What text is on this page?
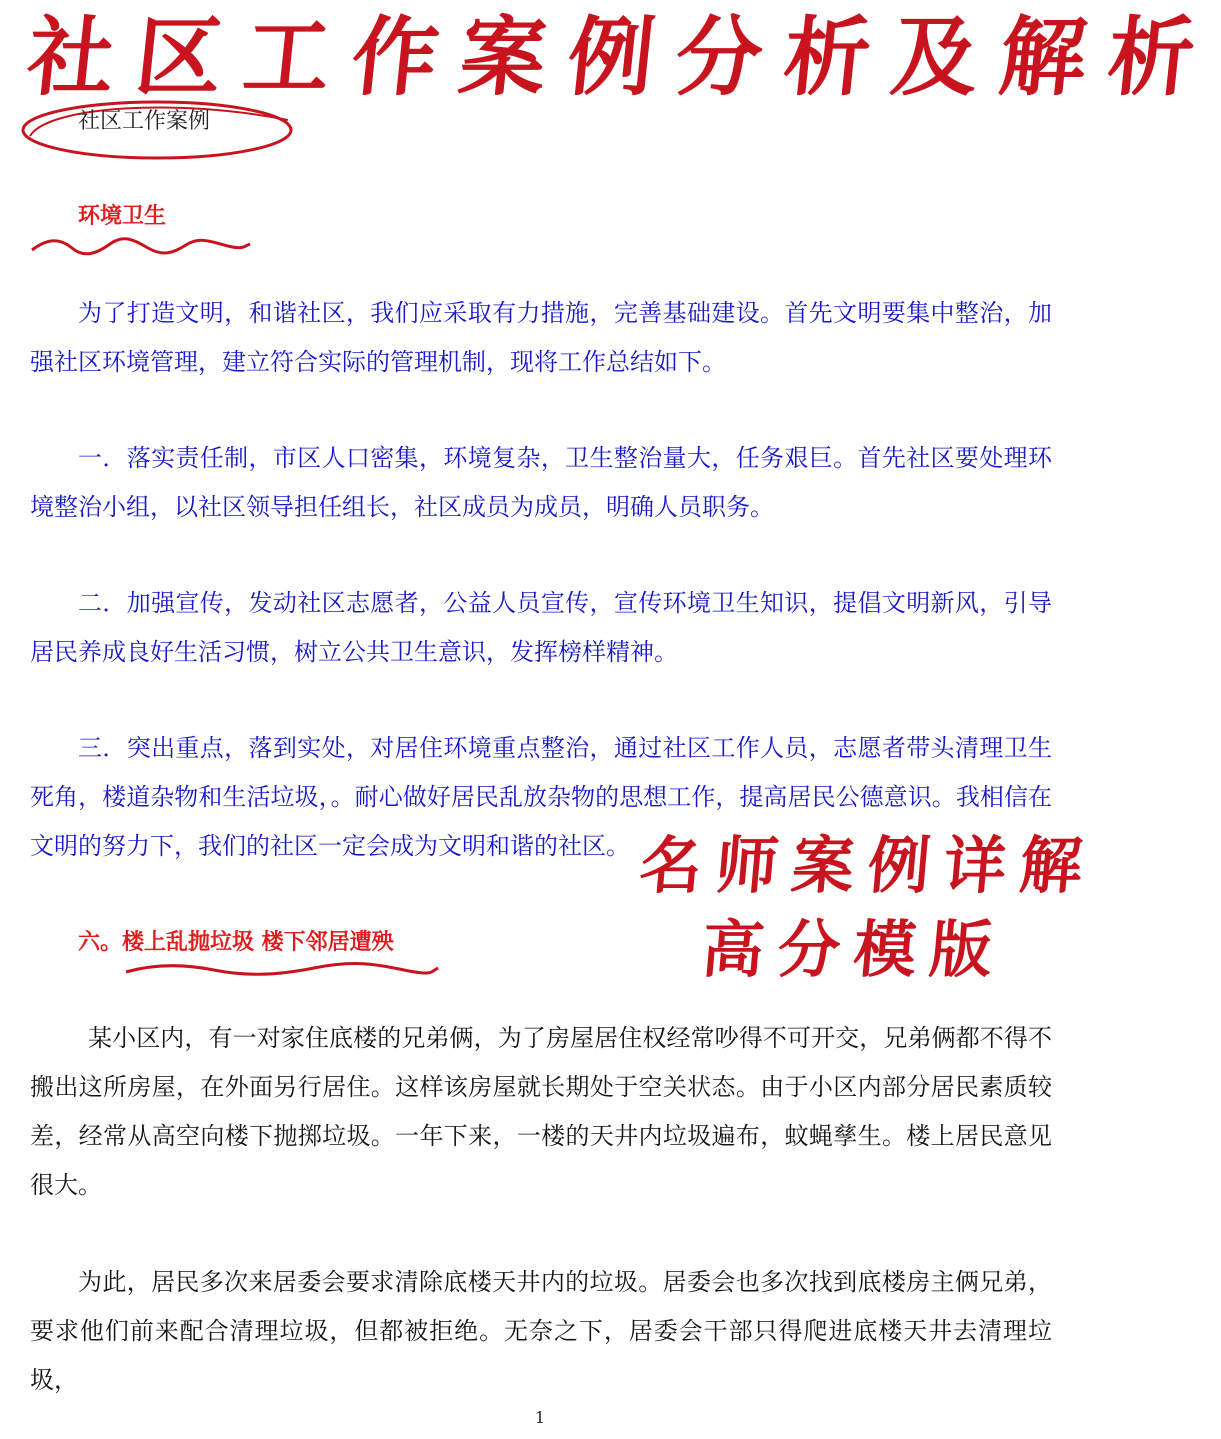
社区工作案例分析及解析
社区工作案例
环境卫生

为了打造文明，和谐社区，我们应采取有力措施，完善基础建设。首先文明要集中整治，加强社区环境管理，建立符合实际的管理机制，现将工作总结如下。

一．落实责任制，市区人口密集，环境复杂，卫生整治量大，任务艰巨。首先社区要处理环境整治小组，以社区领导担任组长，社区成员为成员，明确人员职务。

二．加强宣传，发动社区志愿者，公益人员宣传，宣传环境卫生知识，提倡文明新风，引导居民养成良好生活习惯，树立公共卫生意识，发挥榜样精神。

三．突出重点，落到实处，对居住环境重点整治，通过社区工作人员，志愿者带头清理卫生死角，楼道杂物和生活垃圾，。耐心做好居民乱放杂物的思想工作，提高居民公德意识。我相信在文明的努力下，我们的社区一定会成为文明和谐的社区。

六。楼上乱抛垃圾 楼下邻居遭殃

某小区内，有一对家住底楼的兄弟俩，为了房屋居住权经常吵得不可开交，兄弟俩都不得不搬出这所房屋，在外面另行居住。这样该房屋就长期处于空关状态。由于小区内部分居民素质较差，经常从高空向楼下抛掷垃圾。一年下来，一楼的天井内垃圾遍布，蚊蝇孳生。楼上居民意见很大。

为此，居民多次来居委会要求清除底楼天井内的垃圾。居委会也多次找到底楼房主俩兄弟，要求他们前来配合清理垃圾，但都被拒绝。无奈之下，居委会干部只得爬进底楼天井去清理垃圾，

名师案例详解
高分模版
1
